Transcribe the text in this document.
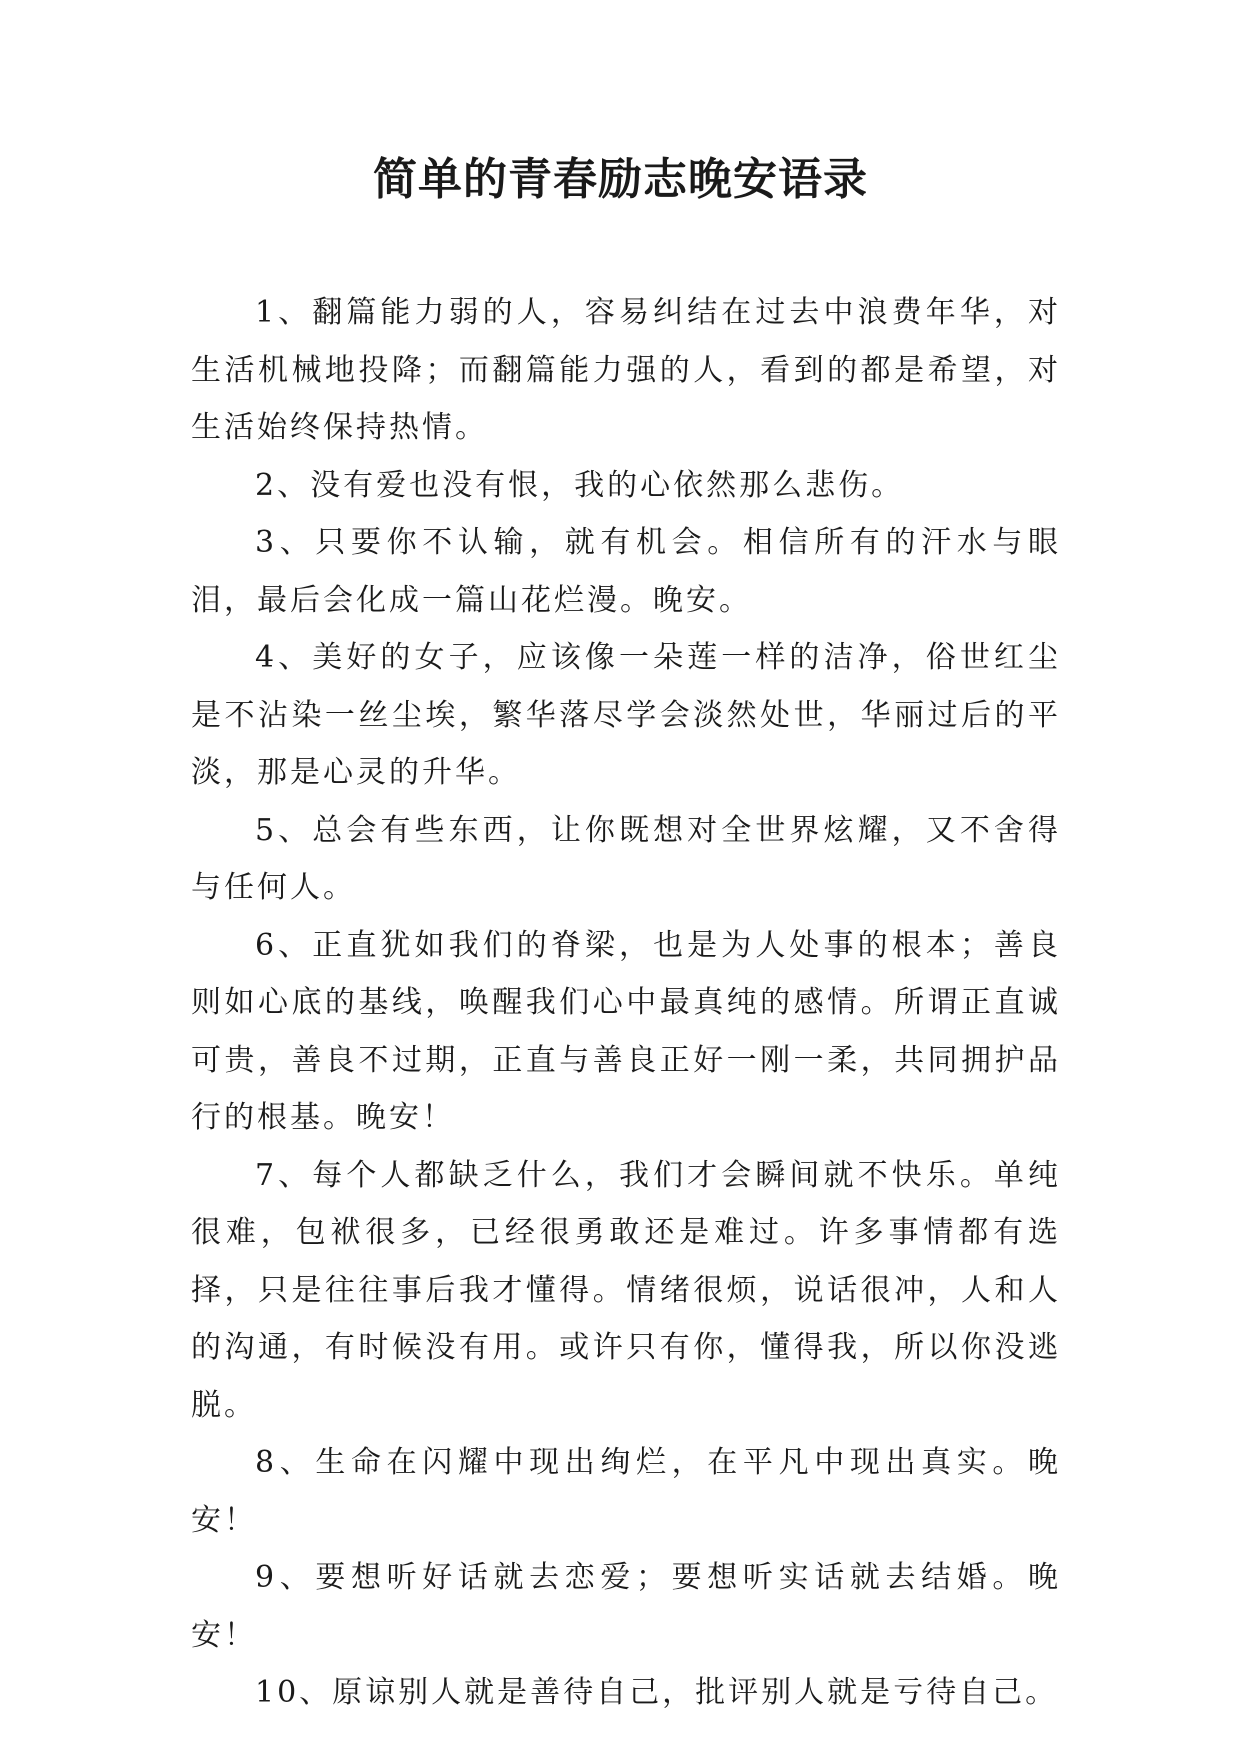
简单的青春励志晚安语录

1、翻篇能力弱的人，容易纠结在过去中浪费年华，对生活机械地投降；而翻篇能力强的人，看到的都是希望，对生活始终保持热情。

2、没有爱也没有恨，我的心依然那么悲伤。

3、只要你不认输，就有机会。相信所有的汗水与眼泪，最后会化成一篇山花烂漫。晚安。

4、美好的女子，应该像一朵莲一样的洁净，俗世红尘是不沾染一丝尘埃，繁华落尽学会淡然处世，华丽过后的平淡，那是心灵的升华。

5、总会有些东西，让你既想对全世界炫耀，又不舍得与任何人。

6、正直犹如我们的脊梁，也是为人处事的根本；善良则如心底的基线，唤醒我们心中最真纯的感情。所谓正直诚可贵，善良不过期，正直与善良正好一刚一柔，共同拥护品行的根基。晚安！

7、每个人都缺乏什么，我们才会瞬间就不快乐。单纯很难，包袱很多，已经很勇敢还是难过。许多事情都有选择，只是往往事后我才懂得。情绪很烦，说话很冲，人和人的沟通，有时候没有用。或许只有你，懂得我，所以你没逃脱。

8、生命在闪耀中现出绚烂，在平凡中现出真实。晚安！

9、要想听好话就去恋爱；要想听实话就去结婚。晚安！

10、原谅别人就是善待自己，批评别人就是亏待自己。
